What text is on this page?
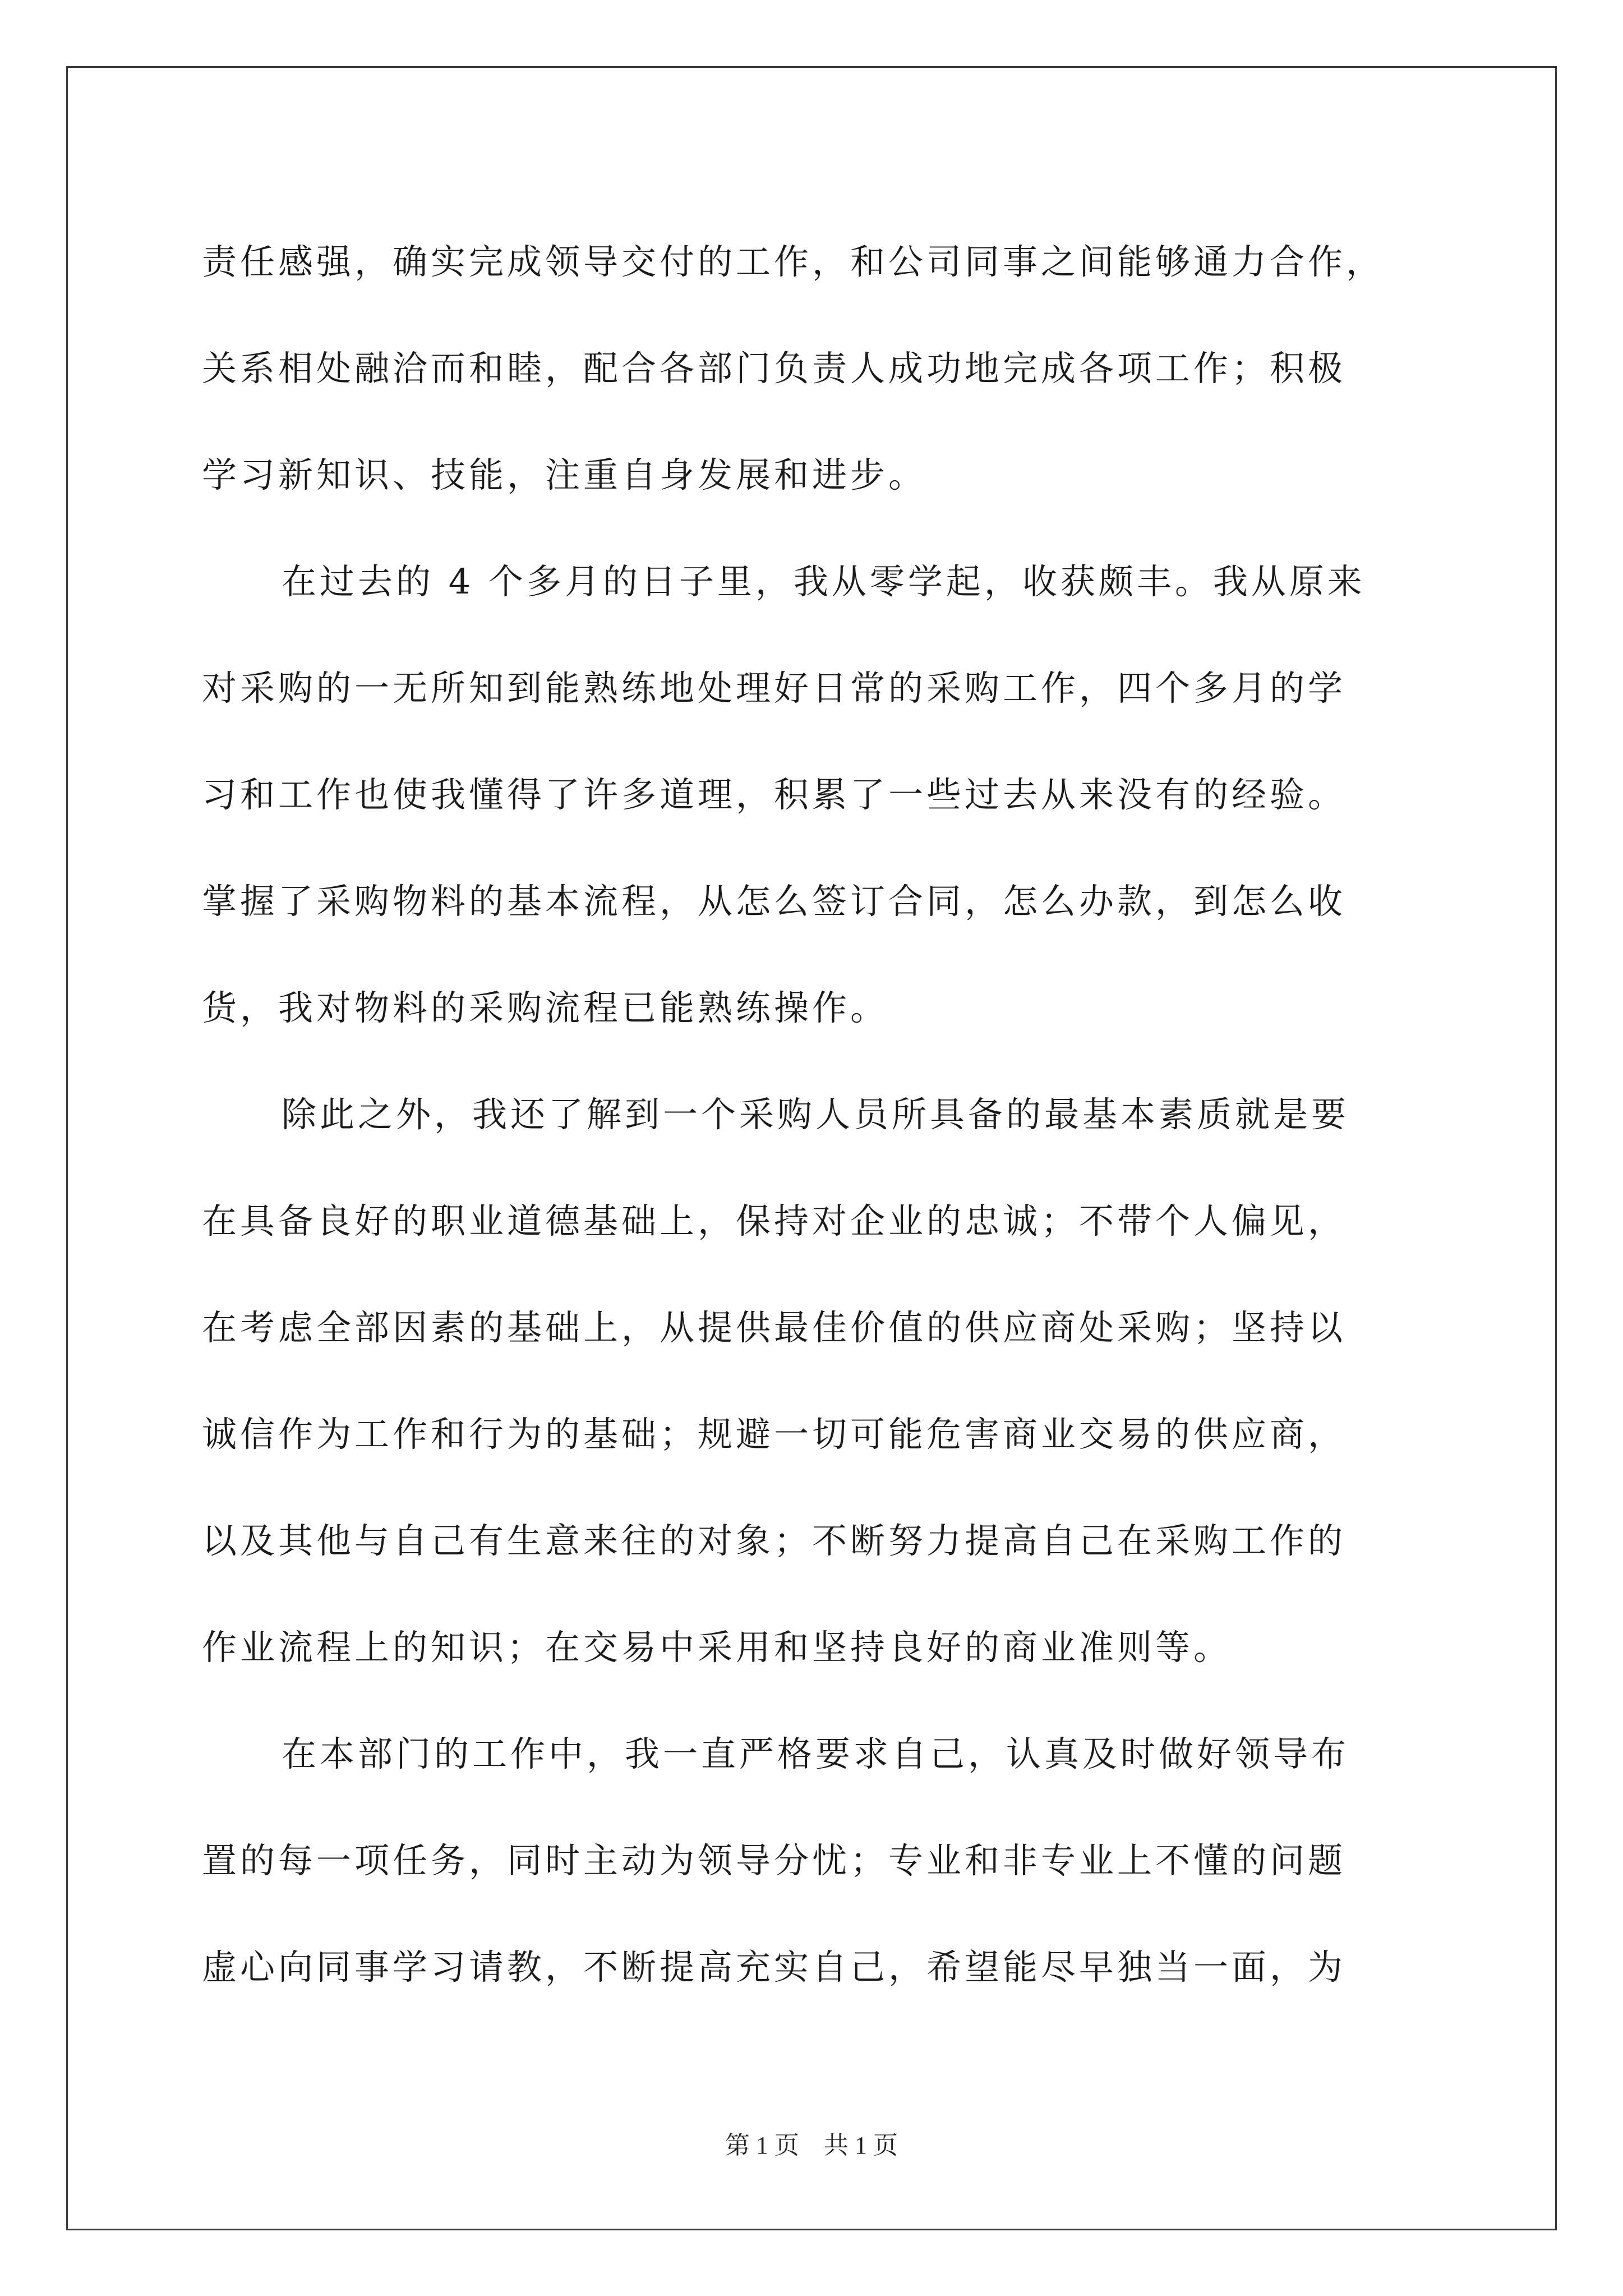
责任感强，确实完成领导交付的工作，和公司同事之间能够通力合作，
关系相处融洽而和睦，配合各部门负责人成功地完成各项工作；积极
学习新知识、技能，注重自身发展和进步。
在过去的 4 个多月的日子里，我从零学起，收获颇丰。我从原来
对采购的一无所知到能熟练地处理好日常的采购工作，四个多月的学
习和工作也使我懂得了许多道理，积累了一些过去从来没有的经验。
掌握了采购物料的基本流程，从怎么签订合同，怎么办款，到怎么收
货，我对物料的采购流程已能熟练操作。
除此之外，我还了解到一个采购人员所具备的最基本素质就是要
在具备良好的职业道德基础上，保持对企业的忠诚；不带个人偏见，
在考虑全部因素的基础上，从提供最佳价值的供应商处采购；坚持以
诚信作为工作和行为的基础；规避一切可能危害商业交易的供应商，
以及其他与自己有生意来往的对象；不断努力提高自己在采购工作的
作业流程上的知识；在交易中采用和坚持良好的商业准则等。
在本部门的工作中，我一直严格要求自己，认真及时做好领导布
置的每一项任务，同时主动为领导分忧；专业和非专业上不懂的问题
虚心向同事学习请教，不断提高充实自己，希望能尽早独当一面，为
第 1 页　共 1 页
